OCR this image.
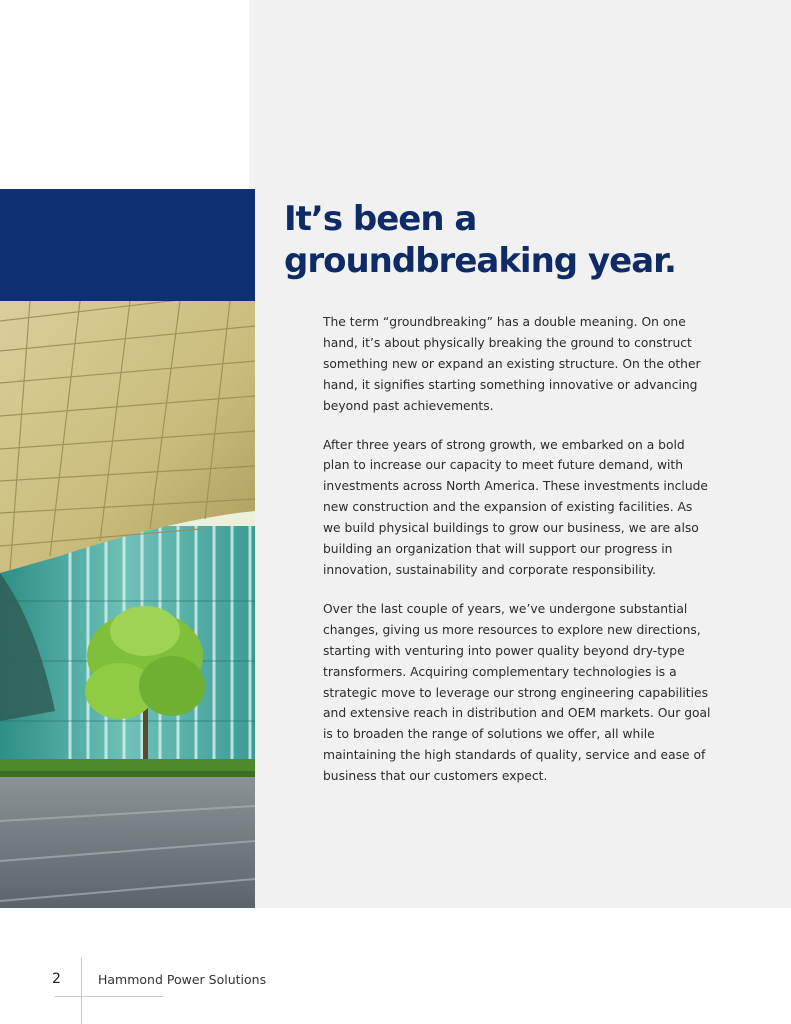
It’s been a
groundbreaking year.

The term “groundbreaking” has a double meaning. On one hand, it’s about physically breaking the ground to construct something new or expand an existing structure. On the other hand, it signifies starting something innovative or advancing beyond past achievements.

After three years of strong growth, we embarked on a bold plan to increase our capacity to meet future demand, with investments across North America. These investments include new construction and the expansion of existing facilities. As we build physical buildings to grow our business, we are also building an organization that will support our progress in innovation, sustainability and corporate responsibility.

Over the last couple of years, we’ve undergone substantial changes, giving us more resources to explore new directions, starting with venturing into power quality beyond dry-type transformers. Acquiring complementary technologies is a strategic move to leverage our strong engineering capabilities and extensive reach in distribution and OEM markets. Our goal is to broaden the range of solutions we offer, all while maintaining the high standards of quality, service and ease of business that our customers expect.

2	Hammond Power Solutions
